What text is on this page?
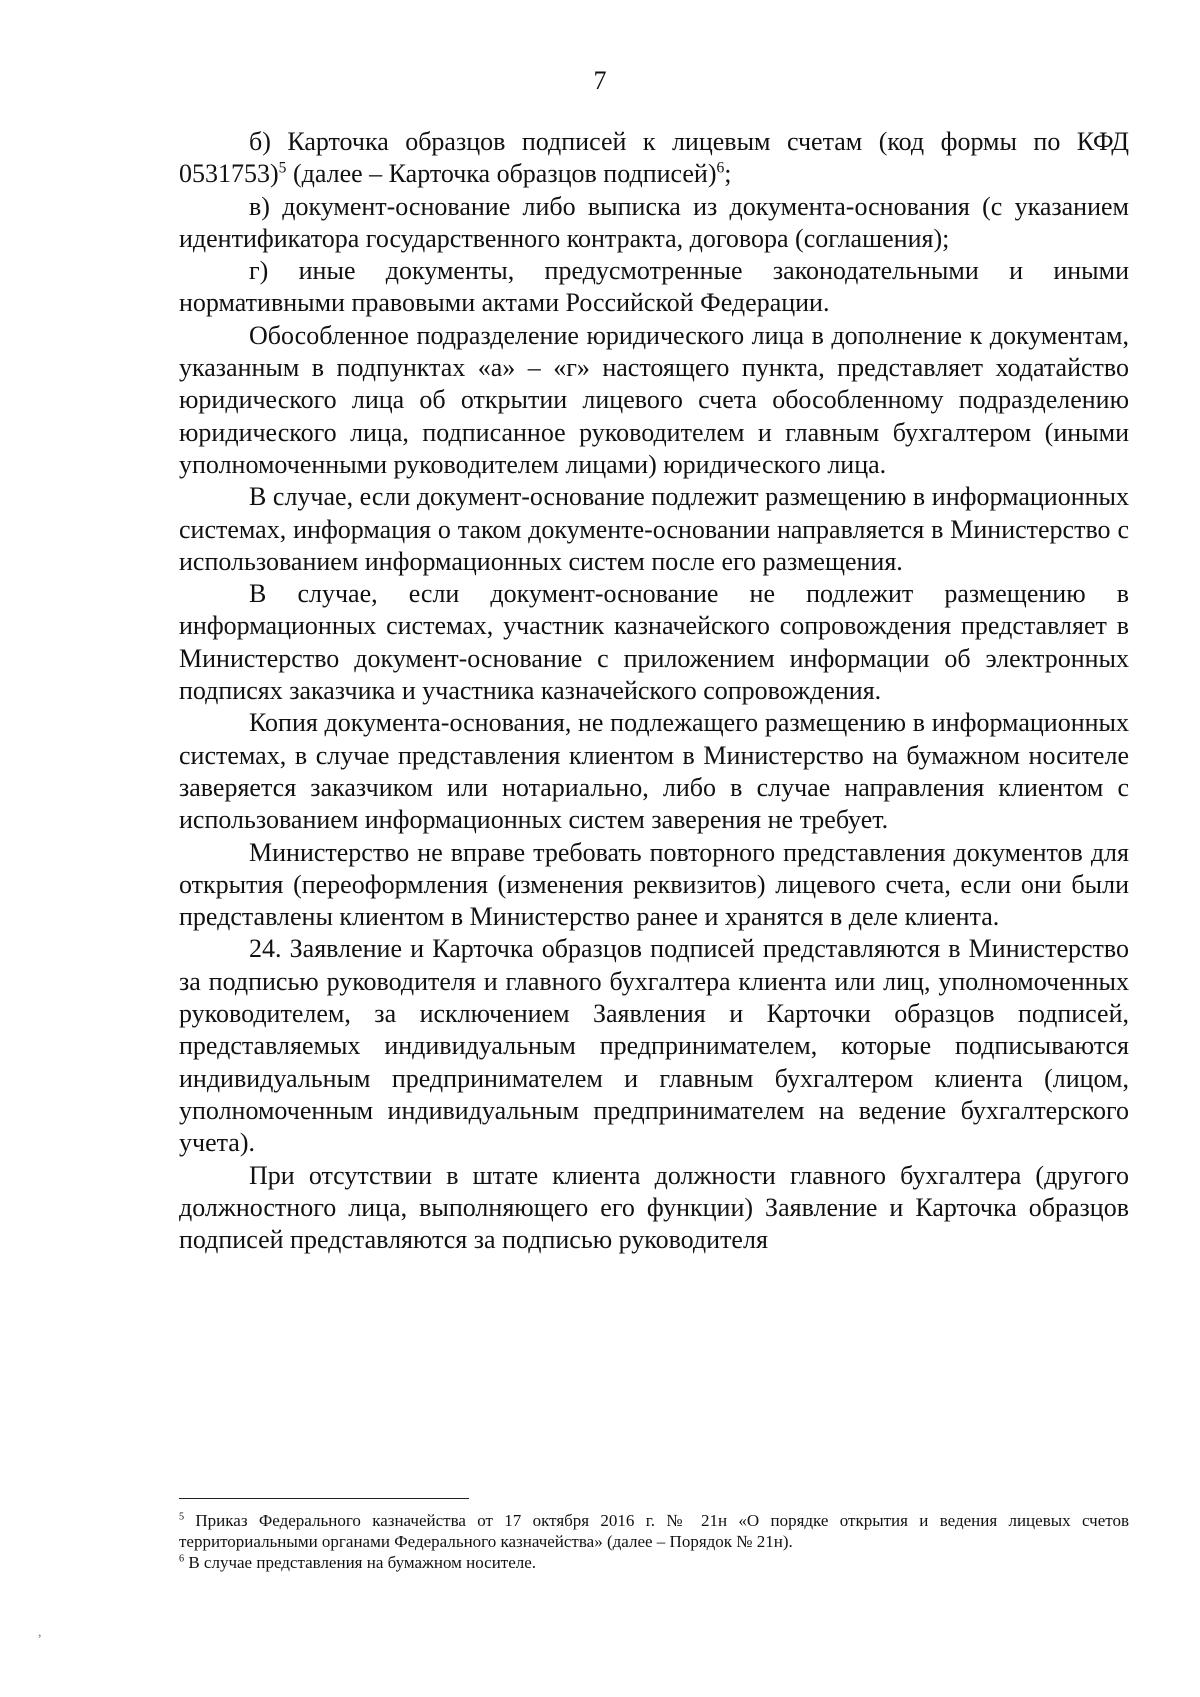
7

б) Карточка образцов подписей к лицевым счетам (код формы по КФД 0531753)$^5$ (далее – Карточка образцов подписей)$^6$;

в) документ-основание либо выписка из документа-основания (с указанием идентификатора государственного контракта, договора (соглашения);

г) иные документы, предусмотренные законодательными и иными нормативными правовыми актами Российской Федерации.

Обособленное подразделение юридического лица в дополнение к документам, указанным в подпунктах «а» – «г» настоящего пункта, представляет ходатайство юридического лица об открытии лицевого счета обособленному подразделению юридического лица, подписанное руководителем и главным бухгалтером (иными уполномоченными руководителем лицами) юридического лица.

В случае, если документ-основание подлежит размещению в информационных системах, информация о таком документе-основании направляется в Министерство с использованием информационных систем после его размещения.

В случае, если документ-основание не подлежит размещению в информационных системах, участник казначейского сопровождения представляет в Министерство документ-основание с приложением информации об электронных подписях заказчика и участника казначейского сопровождения.

Копия документа-основания, не подлежащего размещению в информационных системах, в случае представления клиентом в Министерство на бумажном носителе заверяется заказчиком или нотариально, либо в случае направления клиентом с использованием информационных систем заверения не требует.

Министерство не вправе требовать повторного представления документов для открытия (переоформления (изменения реквизитов) лицевого счета, если они были представлены клиентом в Министерство ранее и хранятся в деле клиента.

24. Заявление и Карточка образцов подписей представляются в Министерство за подписью руководителя и главного бухгалтера клиента или лиц, уполномоченных руководителем, за исключением Заявления и Карточки образцов подписей, представляемых индивидуальным предпринимателем, которые подписываются индивидуальным предпринимателем и главным бухгалтером клиента (лицом, уполномоченным индивидуальным предпринимателем на ведение бухгалтерского учета).

При отсутствии в штате клиента должности главного бухгалтера (другого должностного лица, выполняющего его функции) Заявление и Карточка образцов подписей представляются за подписью руководителя

$^5$ Приказ Федерального казначейства от 17 октября 2016 г. № 21н «О порядке открытия и ведения лицевых счетов территориальными органами Федерального казначейства» (далее – Порядок № 21н).

$^6$ В случае представления на бумажном носителе.

,
